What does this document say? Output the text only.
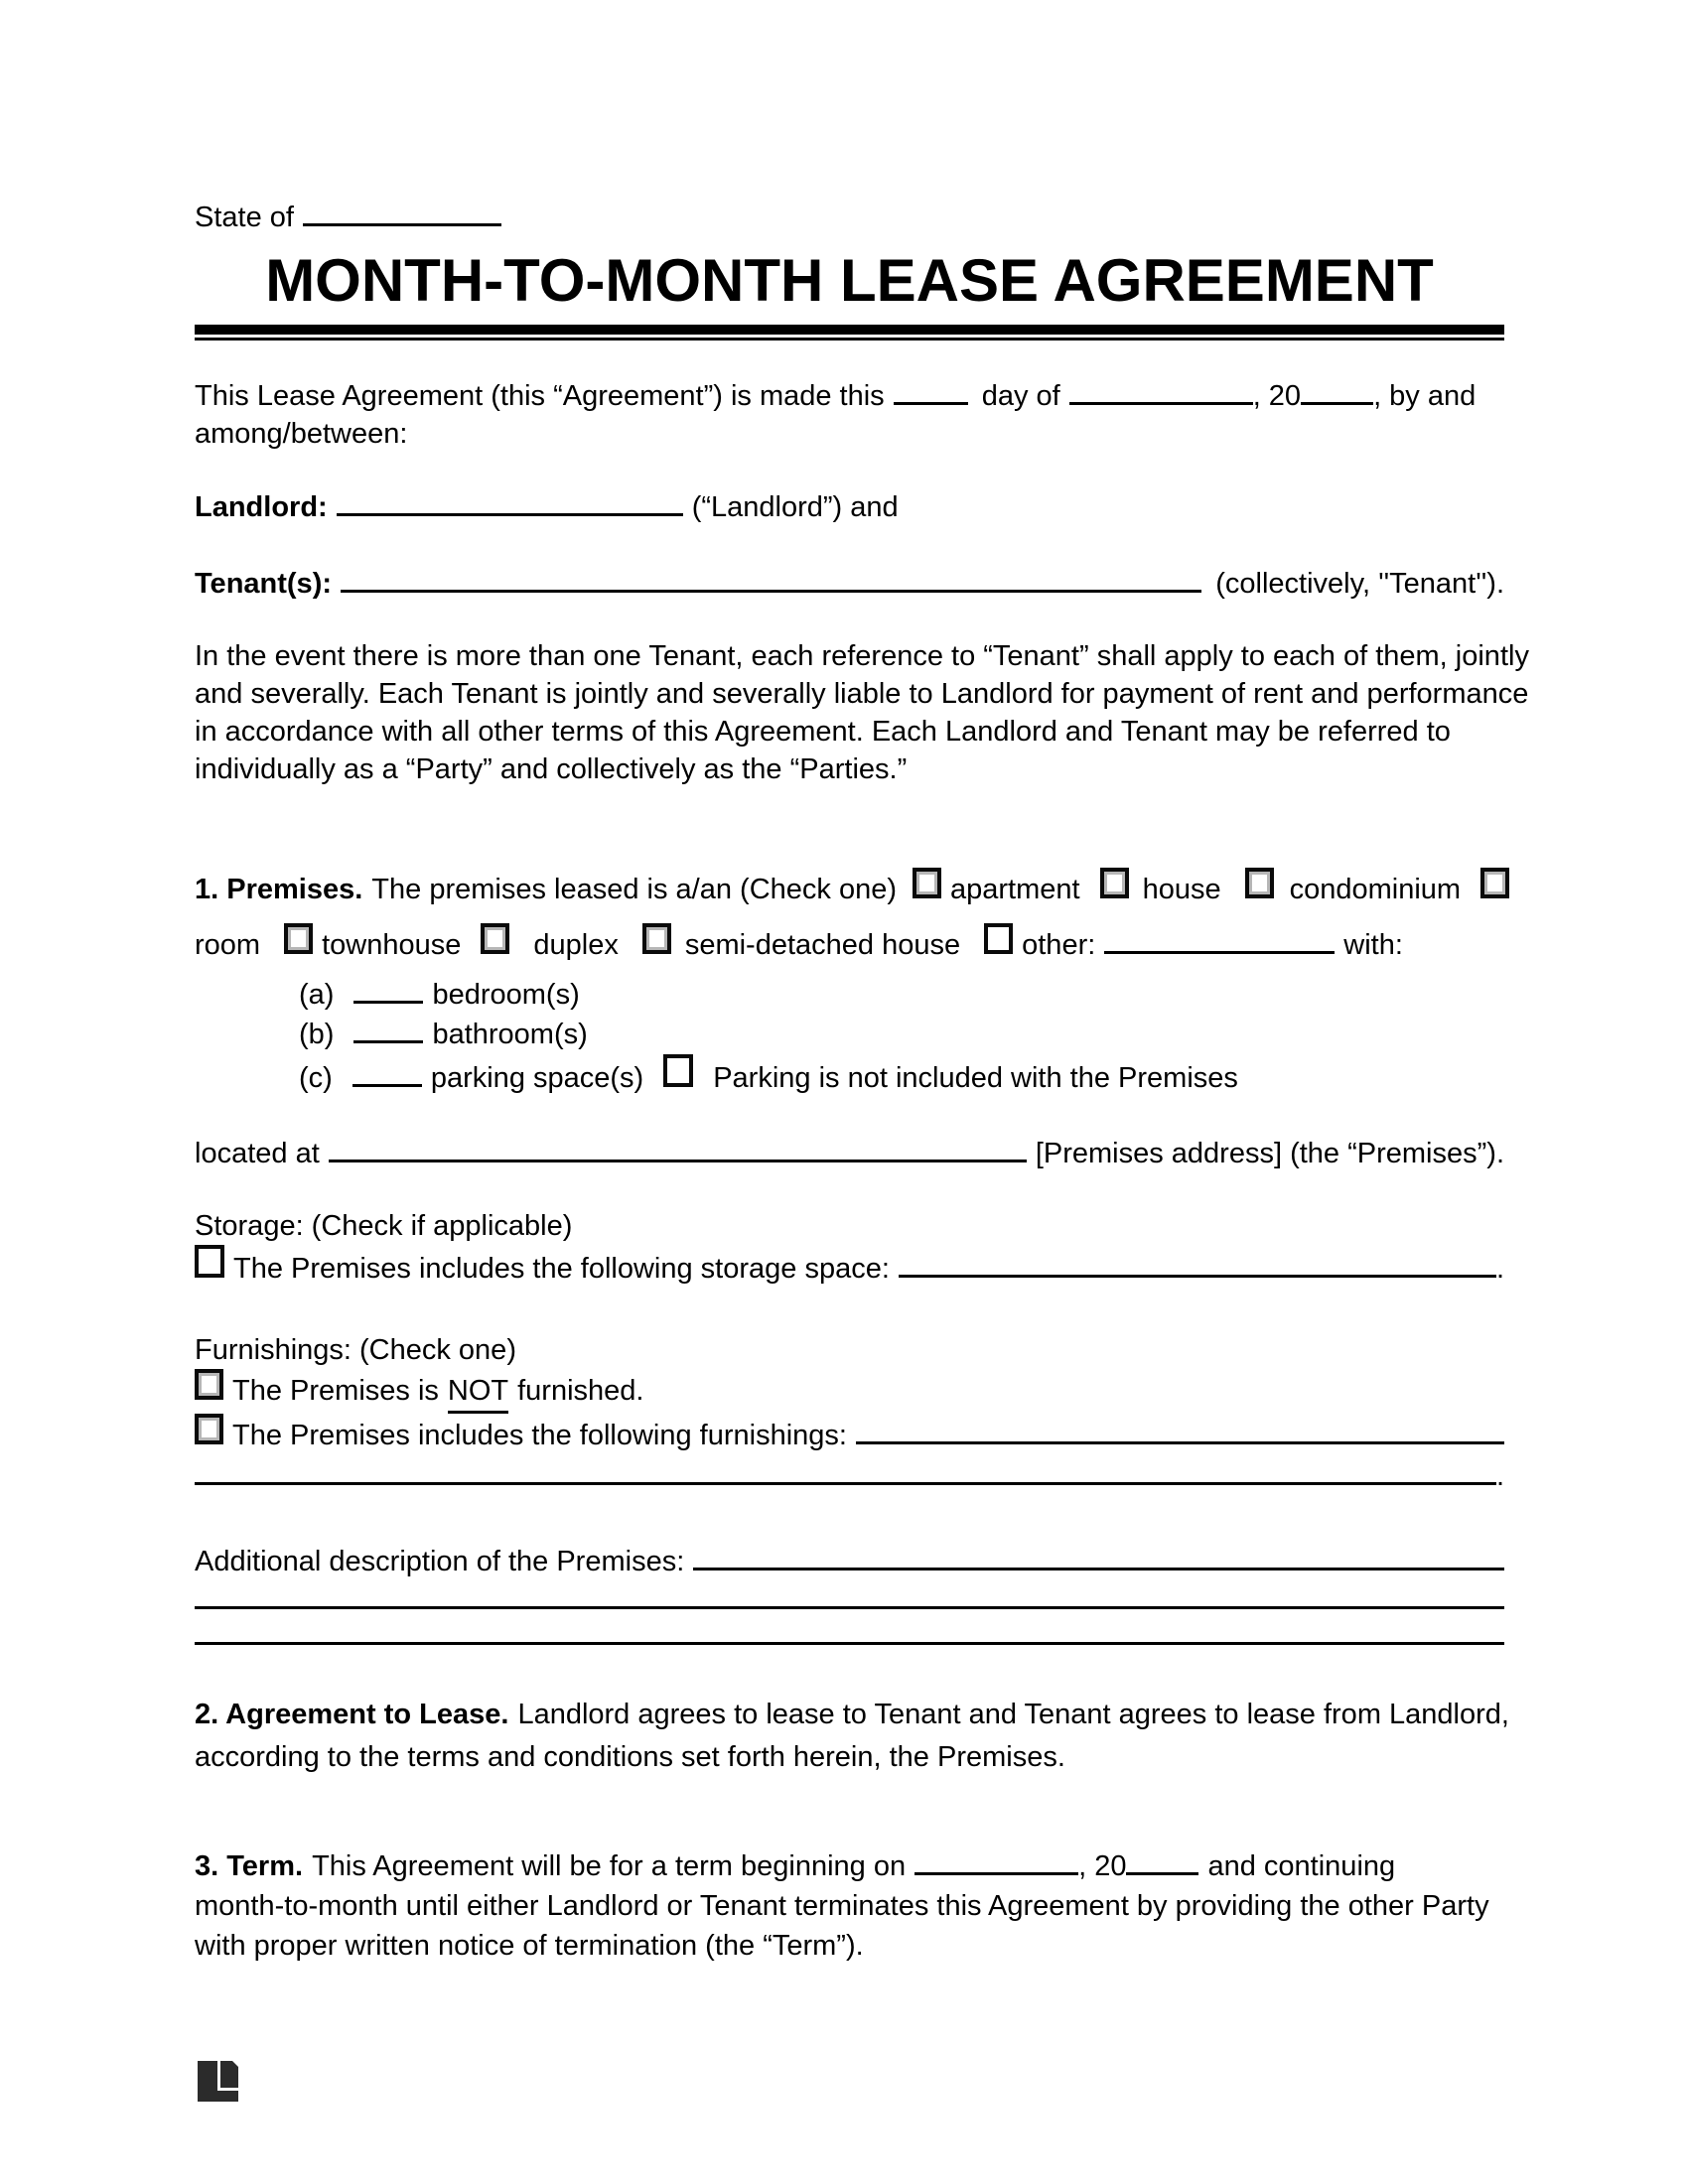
State of
MONTH-TO-MONTH LEASE AGREEMENT
This Lease Agreement (this “Agreement”) is made this	day of	, 20	, by and
among/between:
Landlord:	(“Landlord”) and
Tenant(s):	(collectively, ''Tenant'').
In the event there is more than one Tenant, each reference to “Tenant” shall apply to each of them, jointly
and severally. Each Tenant is jointly and severally liable to Landlord for payment of rent and performance
in accordance with all other terms of this Agreement. Each Landlord and Tenant may be referred to
individually as a “Party” and collectively as the “Parties.”
1. Premises. The premises leased is a/an (Check one) apartment house condominium
room townhouse	duplex semi-detached house other:	with:
(a)	bedroom(s)
(b)	bathroom(s)
(c)	parking space(s) Parking is not included with the Premises
located at	[Premises address] (the “Premises”).
Storage: (Check if applicable)
The Premises includes the following storage space:	.
Furnishings: (Check one)
The Premises is NOT furnished.
The Premises includes the following furnishings:
.
Additional description of the Premises:
2. Agreement to Lease. Landlord agrees to lease to Tenant and Tenant agrees to lease from Landlord,
according to the terms and conditions set forth herein, the Premises.
3. Term. This Agreement will be for a term beginning on	, 20	and continuing
month-to-month until either Landlord or Tenant terminates this Agreement by providing the other Party
with proper written notice of termination (the “Term”).
